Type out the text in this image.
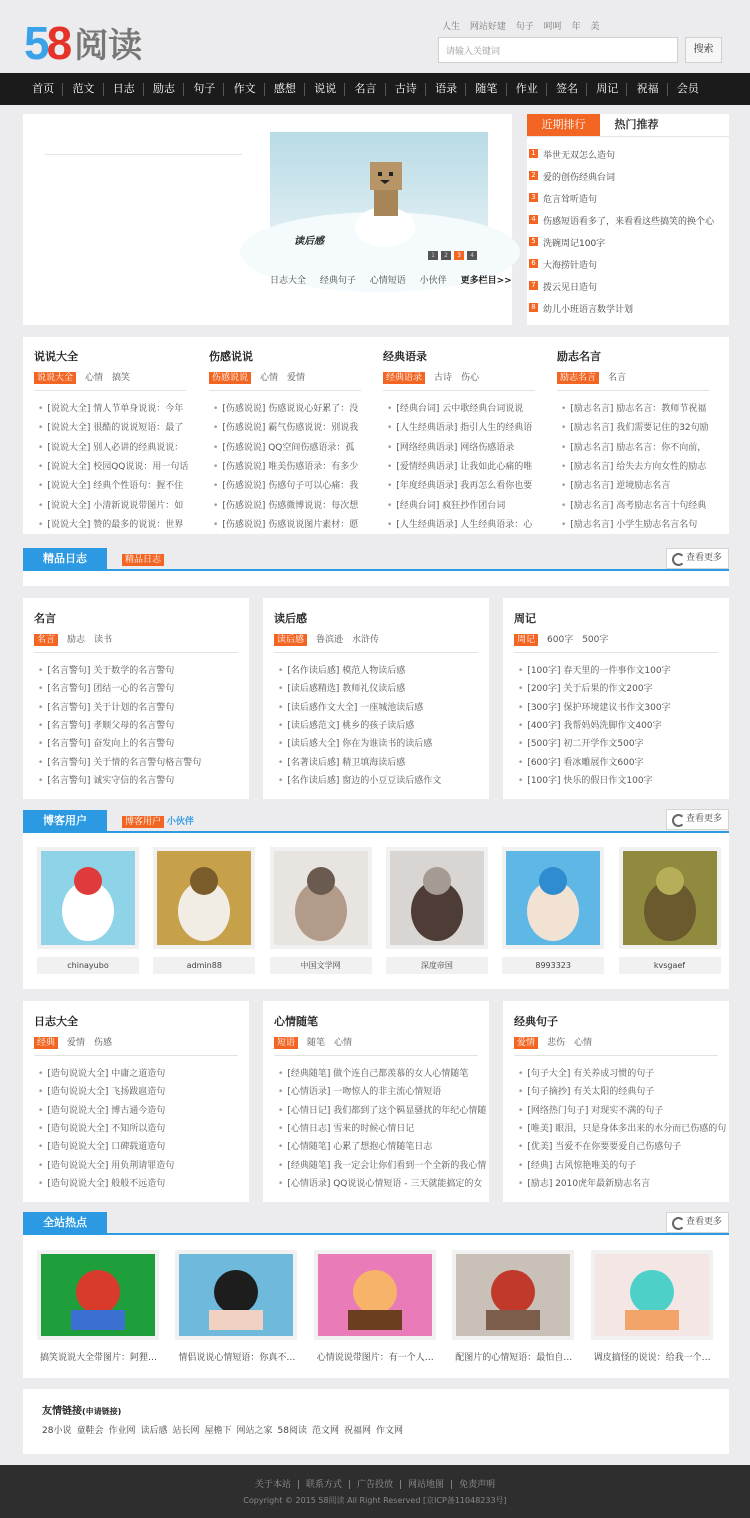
5 8 阅读	人生 网站好建 句子 呵呵 年 美
请输入关键词	搜索
首页	范文	日志	励志	句子	作文	感想	说说	名言	古诗	语录	随笔	作业	签名	周记	祝福	会员
读后感
1	2	3	4
日志大全 经典句子 心情短语 小伙伴 更多栏目>>
近期排行	热门推荐
1 举世无双怎么造句
2 爱的创伤经典台词
3 危言耸听造句
4 伤感短语看多了，来看看这些搞笑的换个心
5 洗碗周记100字
6 大海捞针造句
7 拨云见日造句
8 幼儿小班语言数学计划
说说大全
说说大全 心情 搞笑
• [说说大全] 情人节单身说说：今年
• [说说大全] 很酷的说说短语：最了
• [说说大全] 别人必讲的经典说说：
• [说说大全] 校园QQ说说：用一句话
• [说说大全] 经典个性语句：握不住
• [说说大全] 小清新说说带图片：如
• [说说大全] 赞的最多的说说：世界
伤感说说
伤感说说 心情 爱情
• [伤感说说] 伤感说说心好累了：没
• [伤感说说] 霸气伤感说说：别说我
• [伤感说说] QQ空间伤感语录：孤
• [伤感说说] 唯美伤感语录：有多少
• [伤感说说] 伤感句子可以心痛：我
• [伤感说说] 伤感微博说说：每次想
• [伤感说说] 伤感说说图片素材：愿
经典语录
经典语录 古诗 伤心
• [经典台词] 云中歌经典台词说说
• [人生经典语录] 指引人生的经典语
• [网络经典语录] 网络伤感语录
• [爱情经典语录] 让我如此心痛的唯
• [年度经典语录] 我再怎么看你也要
• [经典台词] 疯狂抄作团台词
• [人生经典语录] 人生经典语录：心
励志名言
励志名言 名言
• [励志名言] 励志名言：教师节祝福
• [励志名言] 我们需要记住的32句励
• [励志名言] 励志名言：你不向前，
• [励志名言] 给失去方向女性的励志
• [励志名言] 逆境励志名言
• [励志名言] 高考励志名言十句经典
• [励志名言] 小学生励志名言名句
精品日志	精品日志	查看更多
名言
名言 励志 读书
• [名言警句] 关于数学的名言警句
• [名言警句] 团结一心的名言警句
• [名言警句] 关于计划的名言警句
• [名言警句] 孝顺父母的名言警句
• [名言警句] 奋发向上的名言警句
• [名言警句] 关于情的名言警句格言警句
• [名言警句] 诚实守信的名言警句
读后感
读后感 鲁滨逊 水浒传
• [名作读后感] 模范人物读后感
• [读后感精选] 教师礼仪读后感
• [读后感作文大全] 一座城池读后感
• [读后感范文] 桃乡的孩子读后感
• [读后感大全] 你在为谁读书的读后感
• [名著读后感] 精卫填海读后感
• [名作读后感] 窗边的小豆豆读后感作文
周记
周记 600字 500字
• [100字] 春天里的一件事作文100字
• [200字] 关于后果的作文200字
• [300字] 保护环境建议书作文300字
• [400字] 我帮妈妈洗脚作文400字
• [500字] 初二开学作文500字
• [600字] 看冰雕展作文600字
• [100字] 快乐的假日作文100字
博客用户	博客用户 小伙伴	查看更多
chinayubo	admin88	中国文学网	深度帝国	8993323	kvsgaef
日志大全
经典 爱情 伤感
• [造句说说大全] 中庸之道造句
• [造句说说大全] 飞扬跋扈造句
• [造句说说大全] 博古通今造句
• [造句说说大全] 不知所以造句
• [造句说说大全] 口碑载道造句
• [造句说说大全] 用负荆请罪造句
• [造句说说大全] 般般不远造句
心情随笔
短语 随笔 心情
• [经典随笔] 做个连自己都羡慕的女人心情随笔
• [心情语录] 一吻惊人的非主流心情短语
• [心情日记] 我们都到了这个羁显骚扰的年纪心情随
• [心情日志] 雪来的时候心情日记
• [心情随笔] 心累了想抱心情随笔日志
• [经典随笔] 我一定会让你们看到一个全新的我心情
• [心情语录] QQ说说心情短语 - 三天就能搞定的女
经典句子
爱情 悲伤 心情
• [句子大全] 有关养成习惯的句子
• [句子摘抄] 有关太阳的经典句子
• [网络热门句子] 对现实不满的句子
• [唯美] 眼泪，只是身体多出来的水分而已伤感的句
• [优美] 当爱不在你要要爱自己伤感句子
• [经典] 古风惊艳唯美的句子
• [励志] 2010虎年最新励志名言
全站热点	查看更多
搞笑说说大全带图片：阿狸…	情侣说说心情短语：你真不…	心情说说带图片：有一个人…	配图片的心情短语：最怕自…	调皮搞怪的说说：给我一个…
友情链接(申请链接)
28小说 童鞋会 作业网 读后感 站长网 屋檐下 网站之家 58阅读 范文网 祝福网 作文网
关于本站 | 联系方式 | 广告投放 | 网站地图 | 免责声明
Copyright © 2015 58阅读 All Right Reserved [京ICP备11048233号]
